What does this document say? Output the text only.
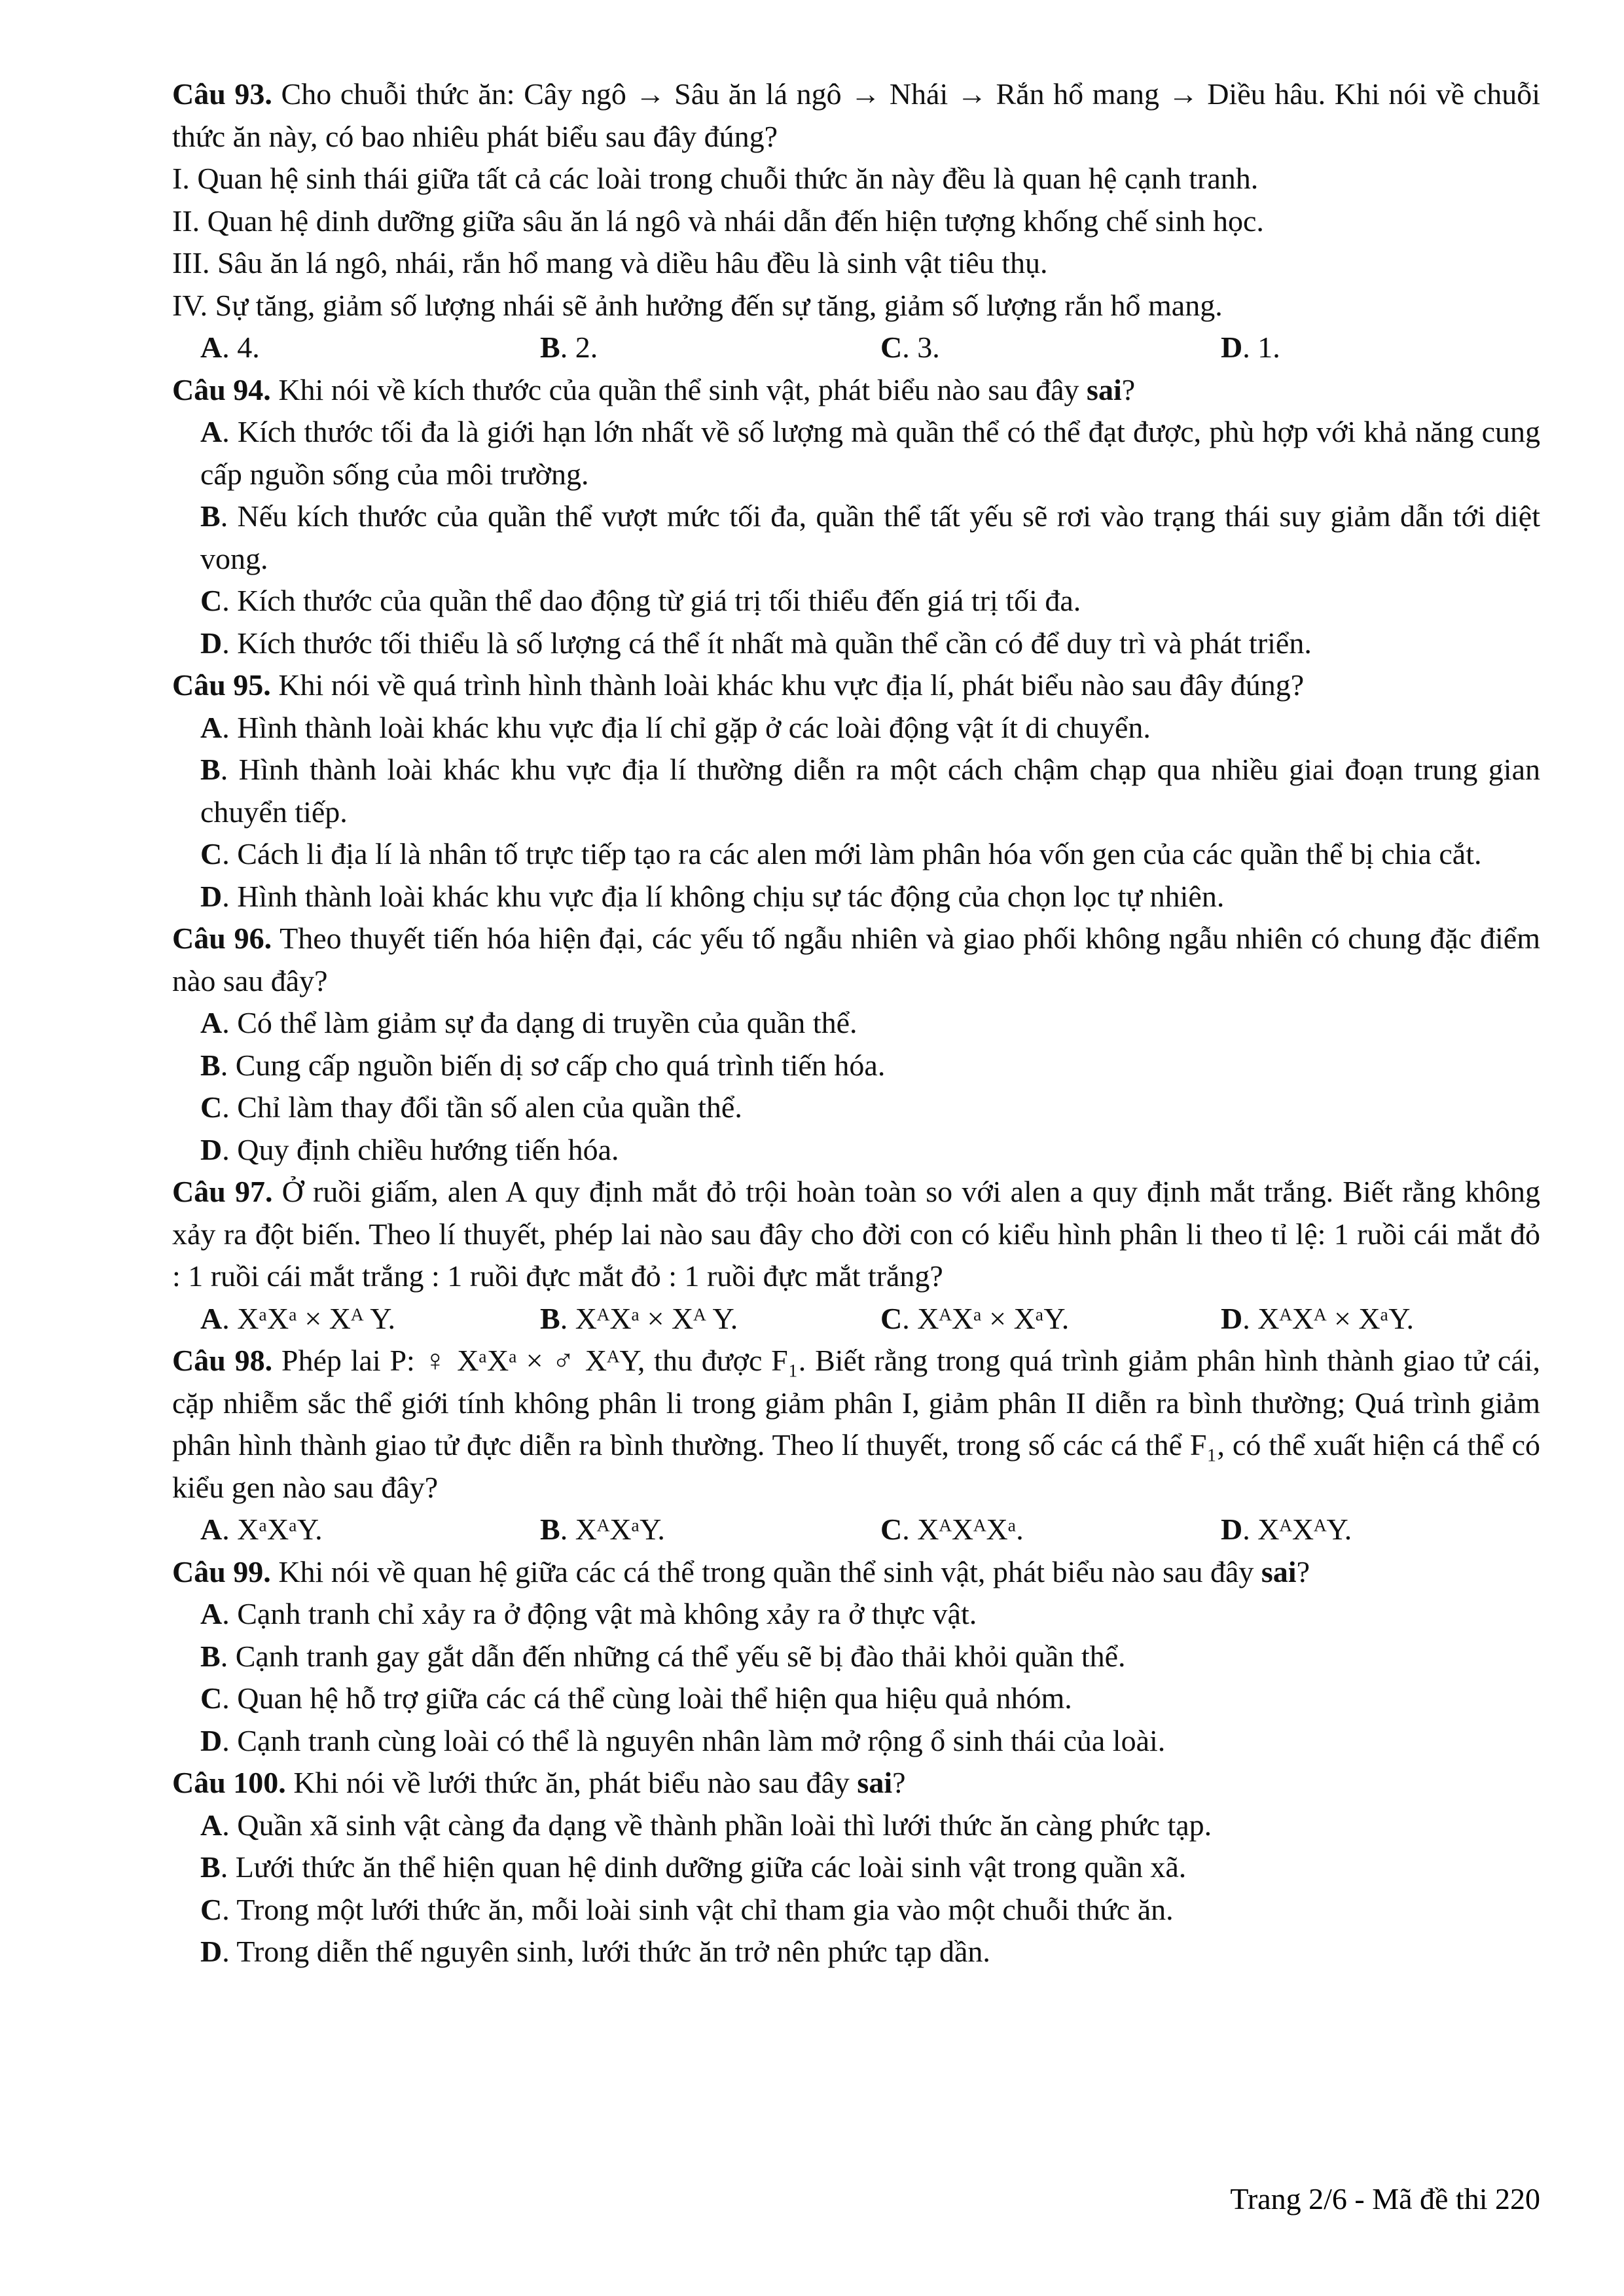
Câu 93. Cho chuỗi thức ăn: Cây ngô → Sâu ăn lá ngô → Nhái → Rắn hổ mang → Diều hâu. Khi nói về chuỗi thức ăn này, có bao nhiêu phát biểu sau đây đúng?
I. Quan hệ sinh thái giữa tất cả các loài trong chuỗi thức ăn này đều là quan hệ cạnh tranh.
II. Quan hệ dinh dưỡng giữa sâu ăn lá ngô và nhái dẫn đến hiện tượng khống chế sinh học.
III. Sâu ăn lá ngô, nhái, rắn hổ mang và diều hâu đều là sinh vật tiêu thụ.
IV. Sự tăng, giảm số lượng nhái sẽ ảnh hưởng đến sự tăng, giảm số lượng rắn hổ mang.
A. 4.	B. 2.	C. 3.	D. 1.
Câu 94. Khi nói về kích thước của quần thể sinh vật, phát biểu nào sau đây sai?
A. Kích thước tối đa là giới hạn lớn nhất về số lượng mà quần thể có thể đạt được, phù hợp với khả năng cung cấp nguồn sống của môi trường.
B. Nếu kích thước của quần thể vượt mức tối đa, quần thể tất yếu sẽ rơi vào trạng thái suy giảm dẫn tới diệt vong.
C. Kích thước của quần thể dao động từ giá trị tối thiểu đến giá trị tối đa.
D. Kích thước tối thiểu là số lượng cá thể ít nhất mà quần thể cần có để duy trì và phát triển.
Câu 95. Khi nói về quá trình hình thành loài khác khu vực địa lí, phát biểu nào sau đây đúng?
A. Hình thành loài khác khu vực địa lí chỉ gặp ở các loài động vật ít di chuyển.
B. Hình thành loài khác khu vực địa lí thường diễn ra một cách chậm chạp qua nhiều giai đoạn trung gian chuyển tiếp.
C. Cách li địa lí là nhân tố trực tiếp tạo ra các alen mới làm phân hóa vốn gen của các quần thể bị chia cắt.
D. Hình thành loài khác khu vực địa lí không chịu sự tác động của chọn lọc tự nhiên.
Câu 96. Theo thuyết tiến hóa hiện đại, các yếu tố ngẫu nhiên và giao phối không ngẫu nhiên có chung đặc điểm nào sau đây?
A. Có thể làm giảm sự đa dạng di truyền của quần thể.
B. Cung cấp nguồn biến dị sơ cấp cho quá trình tiến hóa.
C. Chỉ làm thay đổi tần số alen của quần thể.
D. Quy định chiều hướng tiến hóa.
Câu 97. Ở ruồi giấm, alen A quy định mắt đỏ trội hoàn toàn so với alen a quy định mắt trắng. Biết rằng không xảy ra đột biến. Theo lí thuyết, phép lai nào sau đây cho đời con có kiểu hình phân li theo tỉ lệ: 1 ruồi cái mắt đỏ : 1 ruồi cái mắt trắng : 1 ruồi đực mắt đỏ : 1 ruồi đực mắt trắng?
A. XᵃXᵃ × Xᴬ Y.	B. XᴬXᵃ × Xᴬ Y.	C. XᴬXᵃ × XᵃY.	D. XᴬXᴬ × XᵃY.
Câu 98. Phép lai P: ♀ XᵃXᵃ × ♂ XᴬY, thu được F₁. Biết rằng trong quá trình giảm phân hình thành giao tử cái, cặp nhiễm sắc thể giới tính không phân li trong giảm phân I, giảm phân II diễn ra bình thường; Quá trình giảm phân hình thành giao tử đực diễn ra bình thường. Theo lí thuyết, trong số các cá thể F₁, có thể xuất hiện cá thể có kiểu gen nào sau đây?
A. XᵃXᵃY.	B. XᴬXᵃY.	C. XᴬXᴬXᵃ.	D. XᴬXᴬY.
Câu 99. Khi nói về quan hệ giữa các cá thể trong quần thể sinh vật, phát biểu nào sau đây sai?
A. Cạnh tranh chỉ xảy ra ở động vật mà không xảy ra ở thực vật.
B. Cạnh tranh gay gắt dẫn đến những cá thể yếu sẽ bị đào thải khỏi quần thể.
C. Quan hệ hỗ trợ giữa các cá thể cùng loài thể hiện qua hiệu quả nhóm.
D. Cạnh tranh cùng loài có thể là nguyên nhân làm mở rộng ổ sinh thái của loài.
Câu 100. Khi nói về lưới thức ăn, phát biểu nào sau đây sai?
A. Quần xã sinh vật càng đa dạng về thành phần loài thì lưới thức ăn càng phức tạp.
B. Lưới thức ăn thể hiện quan hệ dinh dưỡng giữa các loài sinh vật trong quần xã.
C. Trong một lưới thức ăn, mỗi loài sinh vật chỉ tham gia vào một chuỗi thức ăn.
D. Trong diễn thế nguyên sinh, lưới thức ăn trở nên phức tạp dần.
Trang 2/6 - Mã đề thi 220
